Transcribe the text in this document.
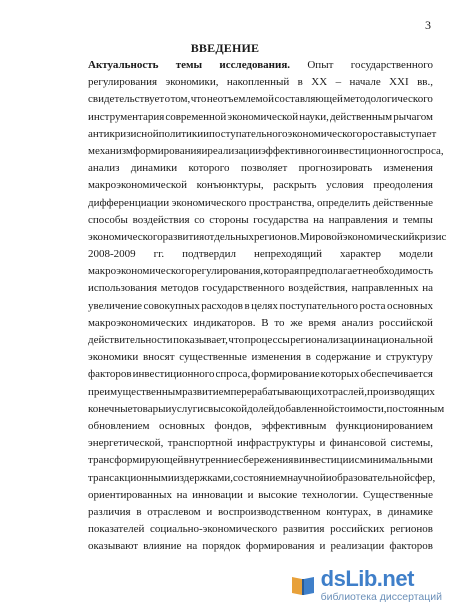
3
ВВЕДЕНИЕ
Актуальность темы исследования. Опыт государственного
регулирования экономики, накопленный в XX – начале XXI вв.,
свидетельствует о том, что неотъемлемой составляющей методологического
инструментария современной экономической науки, действенным рычагом
антикризисной политики и поступательного экономического роста выступает
механизм формирования и реализации эффективного инвестиционного спроса,
анализ динамики которого позволяет прогнозировать изменения
макроэкономической конъюнктуры, раскрыть условия преодоления
дифференциации экономического пространства, определить действенные
способы воздействия со стороны государства на направления и темпы
экономического развития отдельных регионов. Мировой экономический кризис
2008-2009 гг. подтвердил непреходящий характер модели
макроэкономического регулирования, которая предполагает необходимость
использования методов государственного воздействия, направленных на
увеличение совокупных расходов в целях поступательного роста основных
макроэкономических индикаторов. В то же время анализ российской
действительности показывает, что процессы регионализации национальной
экономики вносят существенные изменения в содержание и структуру
факторов инвестиционного спроса, формирование которых обеспечивается
преимущественным развитием перерабатывающих отраслей, производящих
конечные товары и услуги с высокой долей добавленной стоимости, постоянным
обновлением основных фондов, эффективным функционированием
энергетической, транспортной инфраструктуры и финансовой системы,
трансформирующей внутренние сбережения в инвестиции с минимальными
трансакционными издержками, состоянием научной и образовательной сфер,
ориентированных на инновации и высокие технологии. Существенные
различия в отраслевом и воспроизводственном контурах, в динамике
показателей социально-экономического развития российских регионов
оказывают влияние на порядок формирования и реализации факторов
dsLib.net
библиотека диссертаций
